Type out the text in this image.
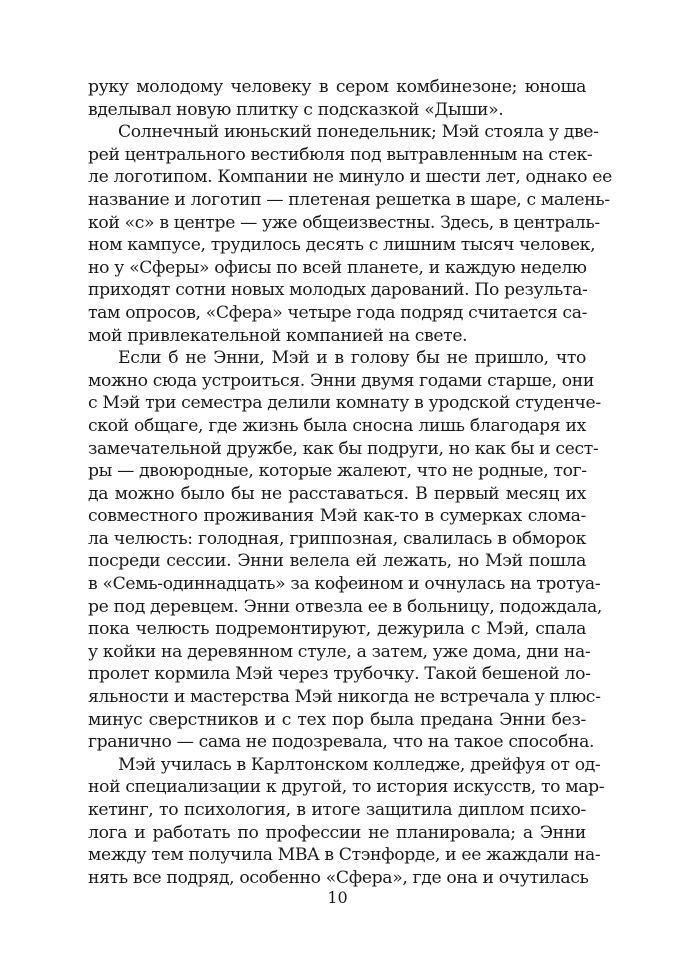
руку молодому человеку в сером комбинезоне; юноша
вделывал новую плитку с подсказкой «Дыши».
Солнечный июньский понедельник; Мэй стояла у две-
рей центрального вестибюля под вытравленным на стек-
ле логотипом. Компании не минуло и шести лет, однако ее
название и логотип — плетеная решетка в шаре, с малень-
кой «с» в центре — уже общеизвестны. Здесь, в централь-
ном кампусе, трудилось десять с лишним тысяч человек,
но у «Сферы» офисы по всей планете, и каждую неделю
приходят сотни новых молодых дарований. По результа-
там опросов, «Сфера» четыре года подряд считается са-
мой привлекательной компанией на свете.
Если б не Энни, Мэй и в голову бы не пришло, что
можно сюда устроиться. Энни двумя годами старше, они
с Мэй три семестра делили комнату в уродской студенче-
ской общаге, где жизнь была сносна лишь благодаря их
замечательной дружбе, как бы подруги, но как бы и сест-
ры — двоюродные, которые жалеют, что не родные, тог-
да можно было бы не расставаться. В первый месяц их
совместного проживания Мэй как-то в сумерках слома-
ла челюсть: голодная, гриппозная, свалилась в обморок
посреди сессии. Энни велела ей лежать, но Мэй пошла
в «Семь-одиннадцать» за кофеином и очнулась на тротуа-
ре под деревцем. Энни отвезла ее в больницу, подождала,
пока челюсть подремонтируют, дежурила с Мэй, спала
у койки на деревянном стуле, а затем, уже дома, дни на-
пролет кормила Мэй через трубочку. Такой бешеной ло-
яльности и мастерства Мэй никогда не встречала у плюс-
минус сверстников и с тех пор была предана Энни без-
гранично — сама не подозревала, что на такое способна.
Мэй училась в Карлтонском колледже, дрейфуя от од-
ной специализации к другой, то история искусств, то мар-
кетинг, то психология, в итоге защитила диплом психо-
лога и работать по профессии не планировала; а Энни
между тем получила MBA в Стэнфорде, и ее жаждали на-
нять все подряд, особенно «Сфера», где она и очутилась
10
